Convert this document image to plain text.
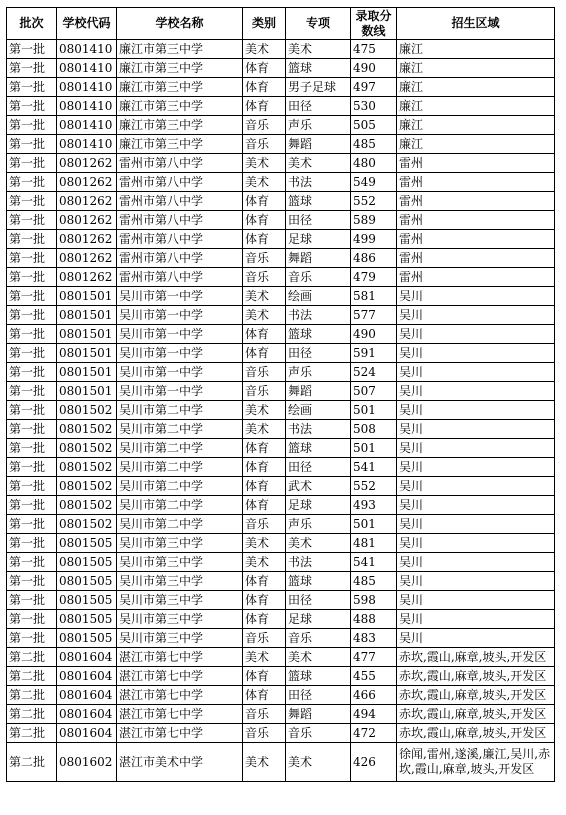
批次	学校代码	学校名称	类别	专项	录取分数线	招生区域
第一批	0801410	廉江市第三中学	美术	美术	475	廉江
第一批	0801410	廉江市第三中学	体育	篮球	490	廉江
第一批	0801410	廉江市第三中学	体育	男子足球	497	廉江
第一批	0801410	廉江市第三中学	体育	田径	530	廉江
第一批	0801410	廉江市第三中学	音乐	声乐	505	廉江
第一批	0801410	廉江市第三中学	音乐	舞蹈	485	廉江
第一批	0801262	雷州市第八中学	美术	美术	480	雷州
第一批	0801262	雷州市第八中学	美术	书法	549	雷州
第一批	0801262	雷州市第八中学	体育	篮球	552	雷州
第一批	0801262	雷州市第八中学	体育	田径	589	雷州
第一批	0801262	雷州市第八中学	体育	足球	499	雷州
第一批	0801262	雷州市第八中学	音乐	舞蹈	486	雷州
第一批	0801262	雷州市第八中学	音乐	音乐	479	雷州
第一批	0801501	吴川市第一中学	美术	绘画	581	吴川
第一批	0801501	吴川市第一中学	美术	书法	577	吴川
第一批	0801501	吴川市第一中学	体育	篮球	490	吴川
第一批	0801501	吴川市第一中学	体育	田径	591	吴川
第一批	0801501	吴川市第一中学	音乐	声乐	524	吴川
第一批	0801501	吴川市第一中学	音乐	舞蹈	507	吴川
第一批	0801502	吴川市第二中学	美术	绘画	501	吴川
第一批	0801502	吴川市第二中学	美术	书法	508	吴川
第一批	0801502	吴川市第二中学	体育	篮球	501	吴川
第一批	0801502	吴川市第二中学	体育	田径	541	吴川
第一批	0801502	吴川市第二中学	体育	武术	552	吴川
第一批	0801502	吴川市第二中学	体育	足球	493	吴川
第一批	0801502	吴川市第二中学	音乐	声乐	501	吴川
第一批	0801505	吴川市第三中学	美术	美术	481	吴川
第一批	0801505	吴川市第三中学	美术	书法	541	吴川
第一批	0801505	吴川市第三中学	体育	篮球	485	吴川
第一批	0801505	吴川市第三中学	体育	田径	598	吴川
第一批	0801505	吴川市第三中学	体育	足球	488	吴川
第一批	0801505	吴川市第三中学	音乐	音乐	483	吴川
第二批	0801604	湛江市第七中学	美术	美术	477	赤坎,霞山,麻章,坡头,开发区
第二批	0801604	湛江市第七中学	体育	篮球	455	赤坎,霞山,麻章,坡头,开发区
第二批	0801604	湛江市第七中学	体育	田径	466	赤坎,霞山,麻章,坡头,开发区
第二批	0801604	湛江市第七中学	音乐	舞蹈	494	赤坎,霞山,麻章,坡头,开发区
第二批	0801604	湛江市第七中学	音乐	音乐	472	赤坎,霞山,麻章,坡头,开发区
第二批	0801602	湛江市美术中学	美术	美术	426	徐闻,雷州,遂溪,廉江,吴川,赤坎,霞山,麻章,坡头,开发区
